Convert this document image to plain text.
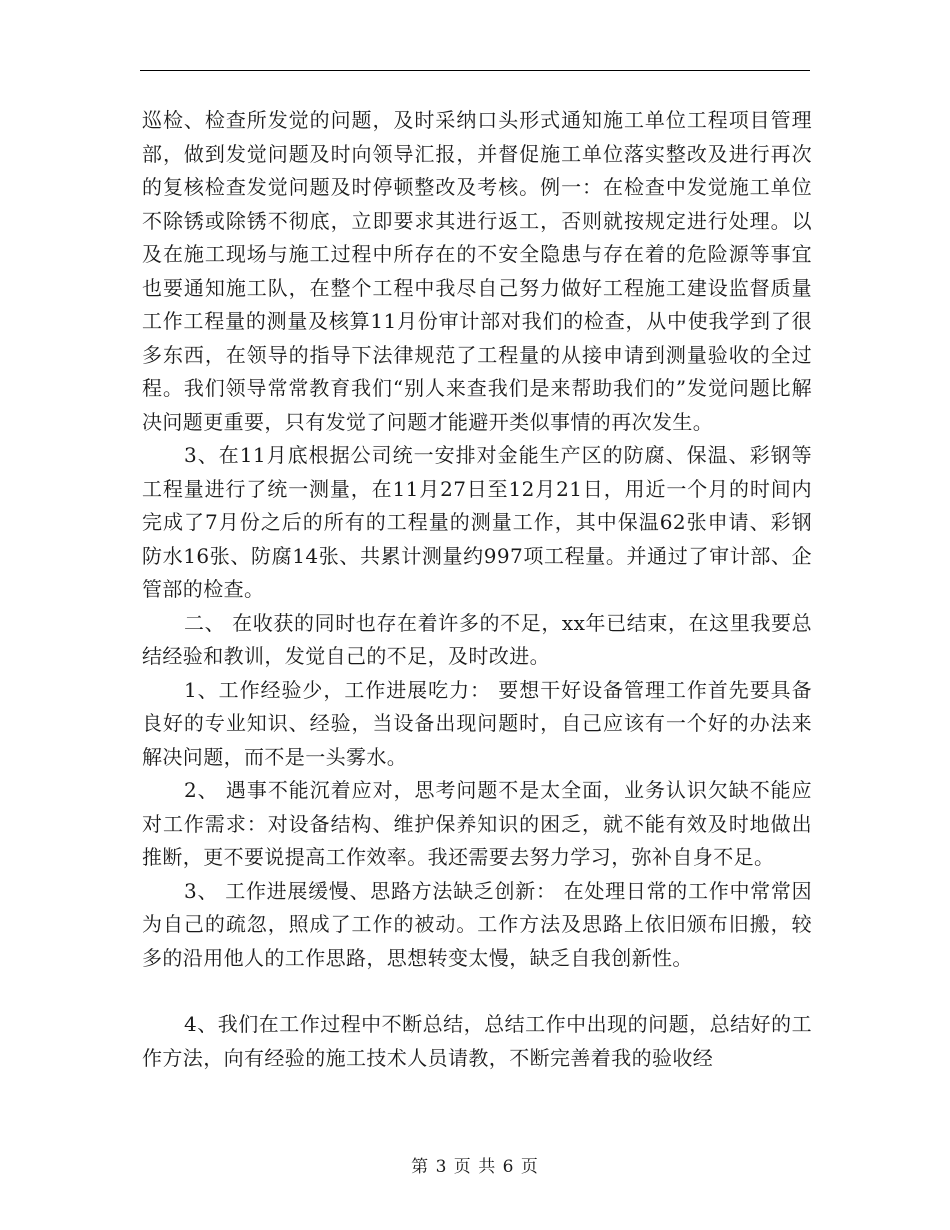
巡检、检查所发觉的问题，及时采纳口头形式通知施工单位工程项目管理部，做到发觉问题及时向领导汇报，并督促施工单位落实整改及进行再次的复核检查发觉问题及时停顿整改及考核。例一：在检查中发觉施工单位不除锈或除锈不彻底，立即要求其进行返工，否则就按规定进行处理。以及在施工现场与施工过程中所存在的不安全隐患与存在着的危险源等事宜也要通知施工队，在整个工程中我尽自己努力做好工程施工建设监督质量工作工程量的测量及核算11月份审计部对我们的检查，从中使我学到了很多东西，在领导的指导下法律规范了工程量的从接申请到测量验收的全过程。我们领导常常教育我们“别人来查我们是来帮助我们的”发觉问题比解决问题更重要，只有发觉了问题才能避开类似事情的再次发生。

3、在11月底根据公司统一安排对金能生产区的防腐、保温、彩钢等工程量进行了统一测量，在11月27日至12月21日，用近一个月的时间内 完成了7月份之后的所有的工程量的测量工作，其中保温62张申请、彩钢防水16张、防腐14张、共累计测量约997项工程量。并通过了审计部、企管部的检查。

二、 在收获的同时也存在着许多的不足，xx年已结束，在这里我要总结经验和教训，发觉自己的不足，及时改进。

1、工作经验少，工作进展吃力： 要想干好设备管理工作首先要具备良好的专业知识、经验，当设备出现问题时，自己应该有一个好的办法来解决问题，而不是一头雾水。

2、 遇事不能沉着应对，思考问题不是太全面，业务认识欠缺不能应对工作需求：对设备结构、维护保养知识的困乏，就不能有效及时地做出推断，更不要说提高工作效率。我还需要去努力学习，弥补自身不足。

3、 工作进展缓慢、思路方法缺乏创新： 在处理日常的工作中常常因为自己的疏忽，照成了工作的被动。工作方法及思路上依旧颁布旧搬，较多的沿用他人的工作思路，思想转变太慢，缺乏自我创新性。

4、我们在工作过程中不断总结，总结工作中出现的问题，总结好的工作方法，向有经验的施工技术人员请教，不断完善着我的验收经

第 3 页 共 6 页
